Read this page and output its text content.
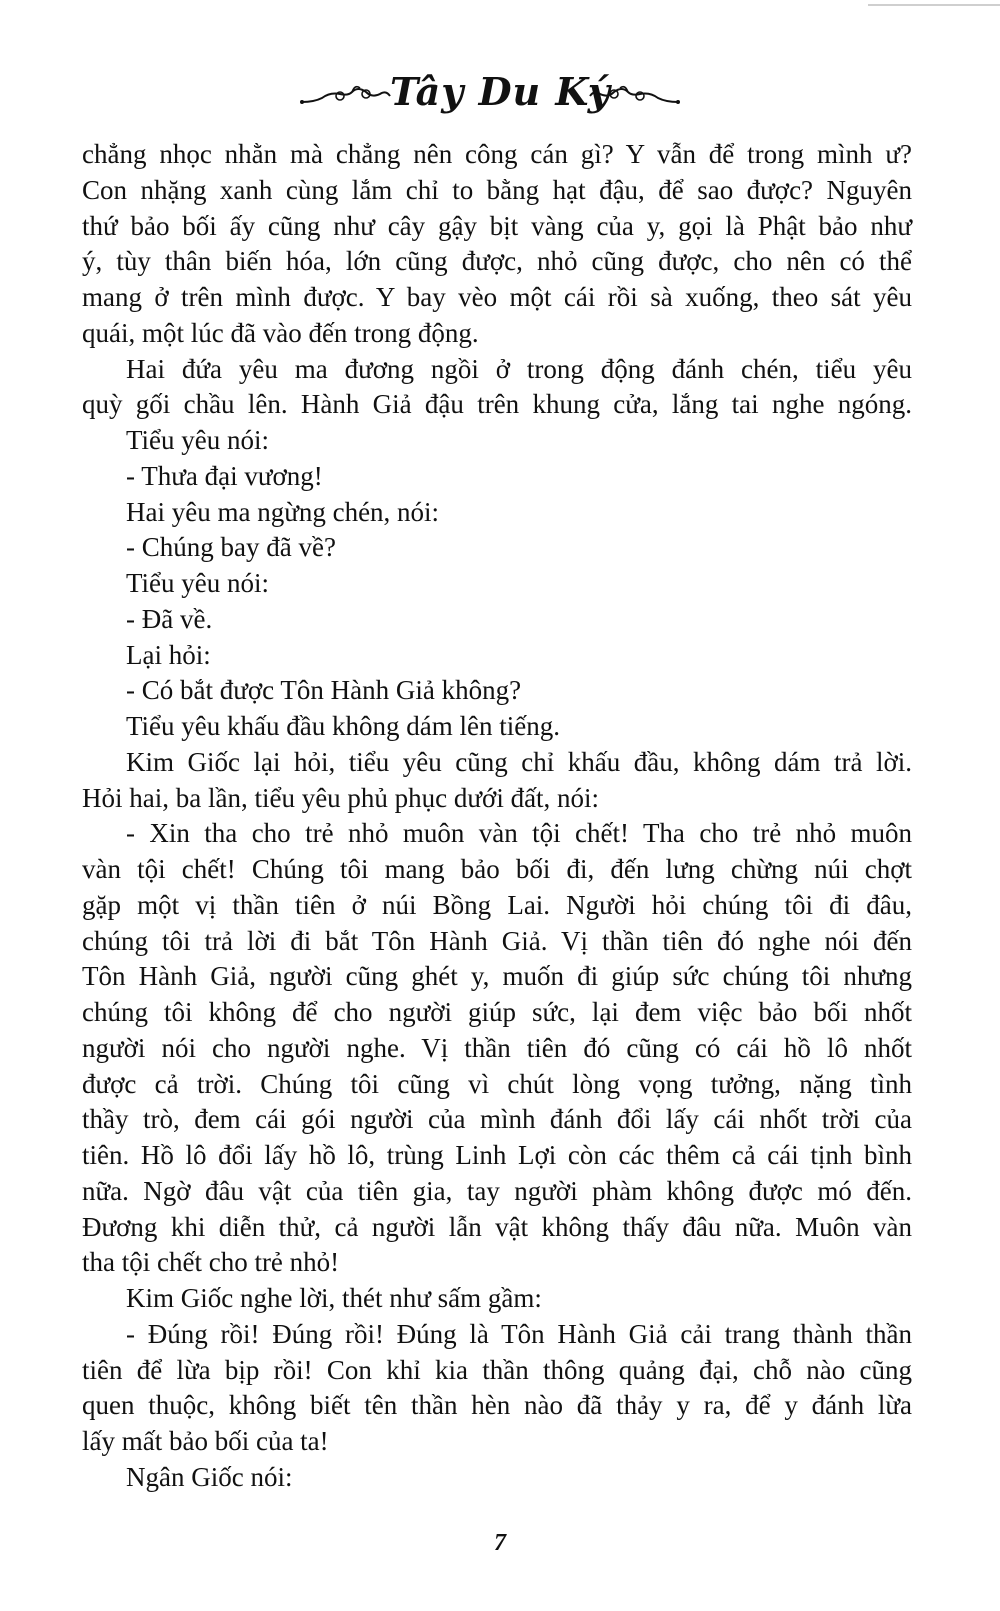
Tây Du Ký
chẳng nhọc nhằn mà chẳng nên công cán gì? Y vẫn để trong mình ư?
Con nhặng xanh cùng lắm chỉ to bằng hạt đậu, để sao được? Nguyên
thứ bảo bối ấy cũng như cây gậy bịt vàng của y, gọi là Phật bảo như
ý, tùy thân biến hóa, lớn cũng được, nhỏ cũng được, cho nên có thể
mang ở trên mình được. Y bay vèo một cái rồi sà xuống, theo sát yêu
quái, một lúc đã vào đến trong động.
Hai đứa yêu ma đương ngồi ở trong động đánh chén, tiểu yêu
quỳ gối chầu lên. Hành Giả đậu trên khung cửa, lắng tai nghe ngóng.
Tiểu yêu nói:
- Thưa đại vương!
Hai yêu ma ngừng chén, nói:
- Chúng bay đã về?
Tiểu yêu nói:
- Đã về.
Lại hỏi:
- Có bắt được Tôn Hành Giả không?
Tiểu yêu khấu đầu không dám lên tiếng.
Kim Giốc lại hỏi, tiểu yêu cũng chỉ khấu đầu, không dám trả lời.
Hỏi hai, ba lần, tiểu yêu phủ phục dưới đất, nói:
- Xin tha cho trẻ nhỏ muôn vàn tội chết! Tha cho trẻ nhỏ muôn
vàn tội chết! Chúng tôi mang bảo bối đi, đến lưng chừng núi chợt
gặp một vị thần tiên ở núi Bồng Lai. Người hỏi chúng tôi đi đâu,
chúng tôi trả lời đi bắt Tôn Hành Giả. Vị thần tiên đó nghe nói đến
Tôn Hành Giả, người cũng ghét y, muốn đi giúp sức chúng tôi nhưng
chúng tôi không để cho người giúp sức, lại đem việc bảo bối nhốt
người nói cho người nghe. Vị thần tiên đó cũng có cái hồ lô nhốt
được cả trời. Chúng tôi cũng vì chút lòng vọng tưởng, nặng tình
thầy trò, đem cái gói người của mình đánh đổi lấy cái nhốt trời của
tiên. Hồ lô đổi lấy hồ lô, trùng Linh Lợi còn các thêm cả cái tịnh bình
nữa. Ngờ đâu vật của tiên gia, tay người phàm không được mó đến.
Đương khi diễn thử, cả người lẫn vật không thấy đâu nữa. Muôn vàn
tha tội chết cho trẻ nhỏ!
Kim Giốc nghe lời, thét như sấm gầm:
- Đúng rồi! Đúng rồi! Đúng là Tôn Hành Giả cải trang thành thần
tiên để lừa bịp rồi! Con khỉ kia thần thông quảng đại, chỗ nào cũng
quen thuộc, không biết tên thần hèn nào đã thảy y ra, để y đánh lừa
lấy mất bảo bối của ta!
Ngân Giốc nói:
7
